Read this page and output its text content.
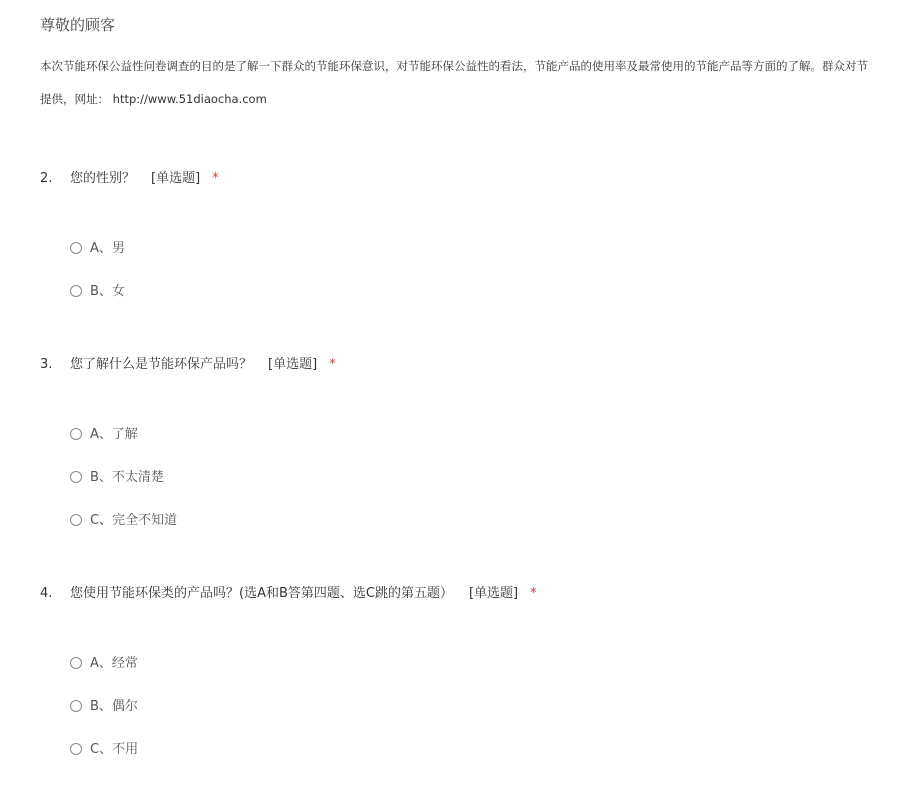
尊敬的顾客
本次节能环保公益性问卷调查的目的是了解一下群众的节能环保意识，对节能环保公益性的看法，节能产品的使用率及最常使用的节能产品等方面的了解。群众对节
提供，网址： http://www.51diaocha.com
2. 您的性别？ [单选题] *
A、男
B、女
3. 您了解什么是节能环保产品吗？ [单选题] *
A、了解
B、不太清楚
C、完全不知道
4. 您使用节能环保类的产品吗？(选A和B答第四题、选C跳的第五题） [单选题] *
A、经常
B、偶尔
C、不用
